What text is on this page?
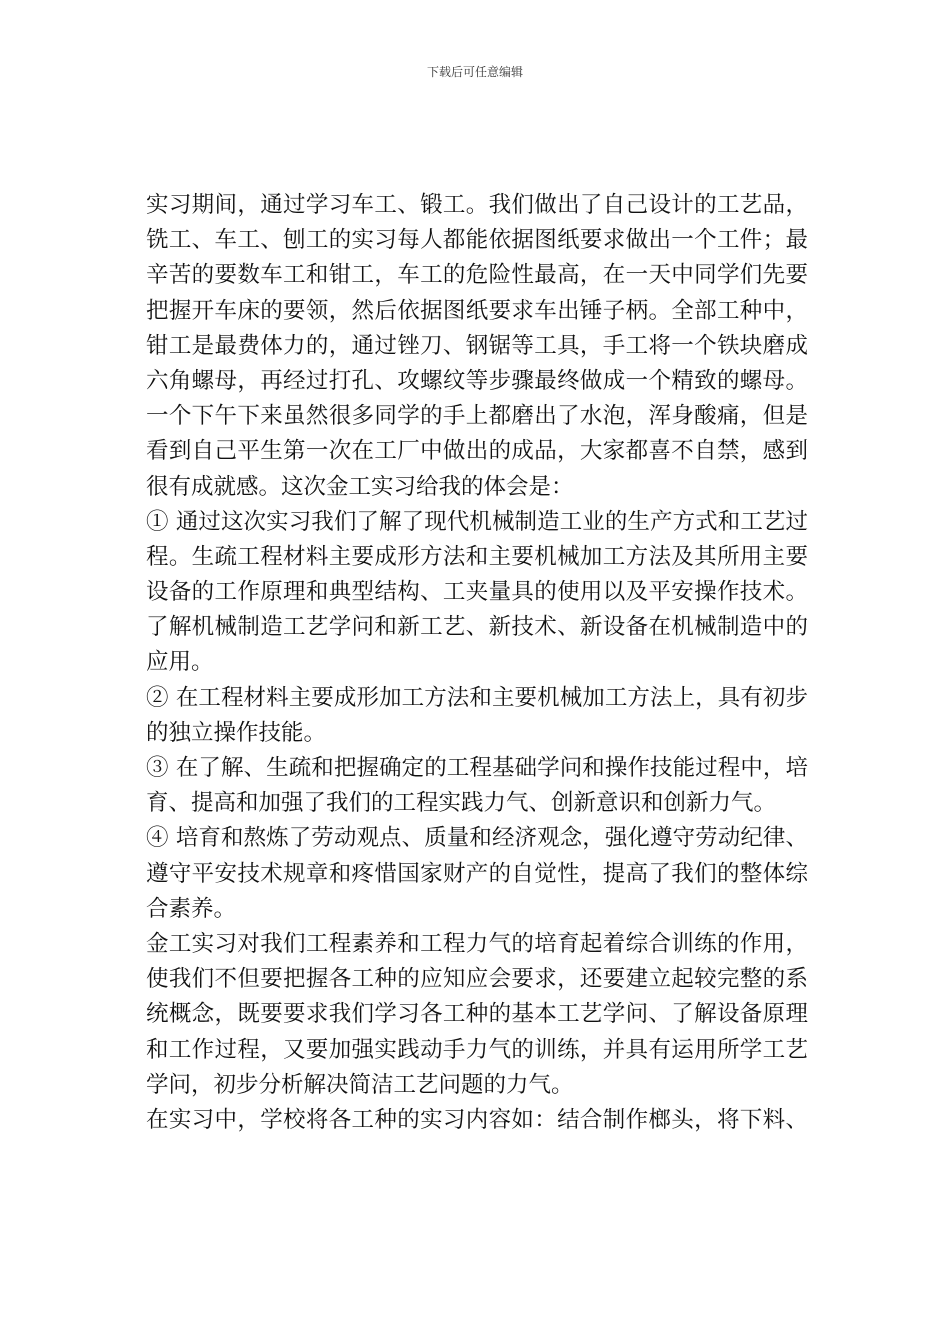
下载后可任意编辑
实习期间，通过学习车工、锻工。我们做出了自己设计的工艺品，
铣工、车工、刨工的实习每人都能依据图纸要求做出一个工件；最
辛苦的要数车工和钳工，车工的危险性最高，在一天中同学们先要
把握开车床的要领，然后依据图纸要求车出锤子柄。全部工种中，
钳工是最费体力的，通过锉刀、钢锯等工具，手工将一个铁块磨成
六角螺母，再经过打孔、攻螺纹等步骤最终做成一个精致的螺母。
一个下午下来虽然很多同学的手上都磨出了水泡，浑身酸痛，但是
看到自己平生第一次在工厂中做出的成品，大家都喜不自禁，感到
很有成就感。这次金工实习给我的体会是：
① 通过这次实习我们了解了现代机械制造工业的生产方式和工艺过
程。生疏工程材料主要成形方法和主要机械加工方法及其所用主要
设备的工作原理和典型结构、工夹量具的使用以及平安操作技术。
了解机械制造工艺学问和新工艺、新技术、新设备在机械制造中的
应用。
② 在工程材料主要成形加工方法和主要机械加工方法上，具有初步
的独立操作技能。
③ 在了解、生疏和把握确定的工程基础学问和操作技能过程中，培
育、提高和加强了我们的工程实践力气、创新意识和创新力气。
④ 培育和熬炼了劳动观点、质量和经济观念，强化遵守劳动纪律、
遵守平安技术规章和疼惜国家财产的自觉性，提高了我们的整体综
合素养。
金工实习对我们工程素养和工程力气的培育起着综合训练的作用，
使我们不但要把握各工种的应知应会要求，还要建立起较完整的系
统概念，既要要求我们学习各工种的基本工艺学问、了解设备原理
和工作过程，又要加强实践动手力气的训练，并具有运用所学工艺
学问，初步分析解决简洁工艺问题的力气。
在实习中，学校将各工种的实习内容如：结合制作榔头，将下料、
